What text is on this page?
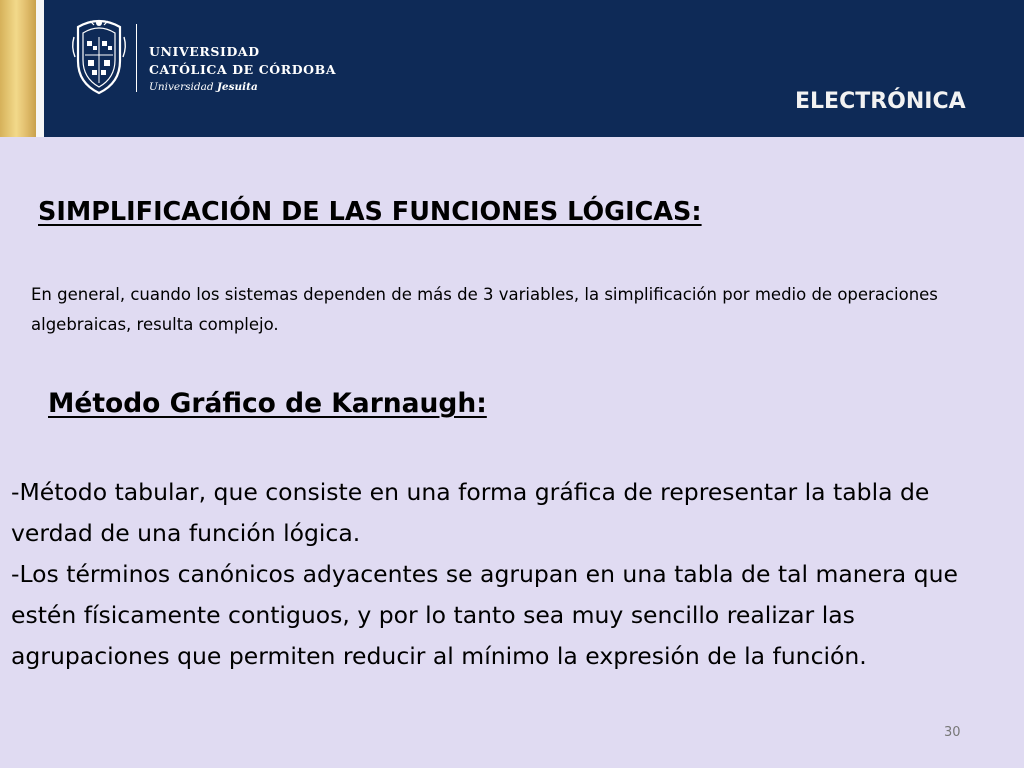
UNIVERSIDAD
CATÓLICA DE CÓRDOBA
Universidad Jesuita
ELECTRÓNICA
SIMPLIFICACIÓN DE LAS FUNCIONES LÓGICAS:
En general, cuando los sistemas dependen de más de 3 variables, la simplificación por medio de operaciones algebraicas, resulta complejo.
Método Gráfico de Karnaugh:

-Método tabular, que consiste en una forma gráfica de representar la tabla de verdad de una función lógica.

-Los términos canónicos adyacentes se agrupan en una tabla de tal manera que estén físicamente contiguos, y por lo tanto sea muy sencillo realizar las agrupaciones que permiten reducir al mínimo la expresión de la función.

30
